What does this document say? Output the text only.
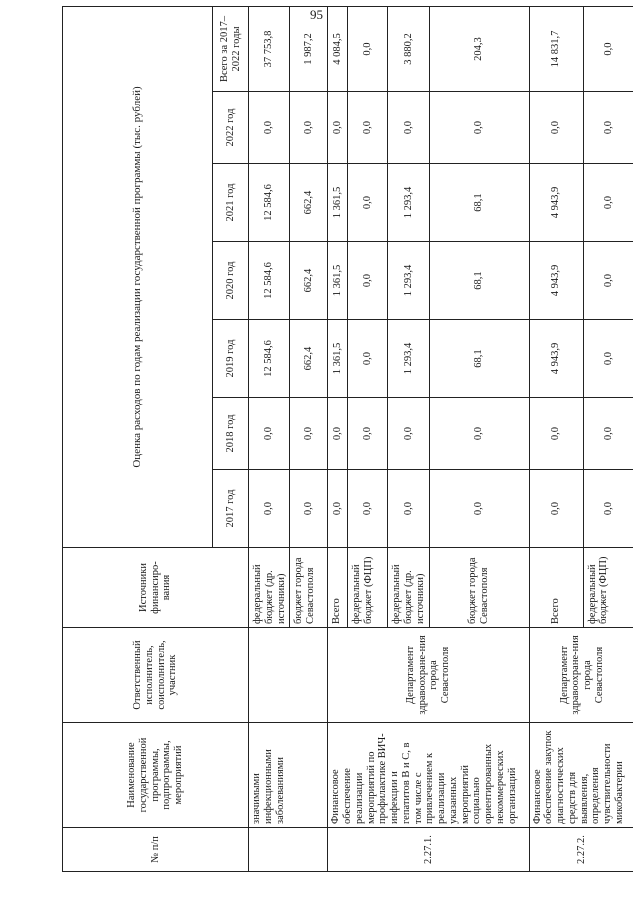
95
№ п/п	Наименование государственной программы, подпрограммы, мероприятий	Ответственный исполнитель, соисполнитель, участник	Источники финансиро-вания	Оценка расходов по годам реализации государственной программы (тыс. рублей)						
				2017 год	2018 год	2019 год	2020 год	2021 год	2022 год	Всего за 2017–2022 годы
	значимыми инфекционными заболеваниями		федеральный бюджет (др. источники)	0,0	0,0	12 584,6	12 584,6	12 584,6	0,0	37 753,8
			бюджет города Севастополя	0,0	0,0	662,4	662,4	662,4	0,0	1 987,2
2.27.1.	Финансовое обеспечение реализации мероприятий по профилактике ВИЧ-инфекции и гепатитов В и С, в том числе с привлечением к реализации указанных мероприятий социально ориентированных некоммерческих организаций	Департамент здравоохране-ния города Севастополя	Всего	0,0	0,0	1 361,5	1 361,5	1 361,5	0,0	4 084,5
			федеральный бюджет (ФЦП)	0,0	0,0	0,0	0,0	0,0	0,0	0,0
			федеральный бюджет (др. источники)	0,0	0,0	1 293,4	1 293,4	1 293,4	0,0	3 880,2
			бюджет города Севастополя	0,0	0,0	68,1	68,1	68,1	0,0	204,3
2.27.2.	Финансовое обеспечение закупок диагностических средств для выявления, определения чувствительности микобактерии	Департамент здравоохране-ния города Севастополя	Всего	0,0	0,0	4 943,9	4 943,9	4 943,9	0,0	14 831,7
			федеральный бюджет (ФЦП)	0,0	0,0	0,0	0,0	0,0	0,0	0,0
